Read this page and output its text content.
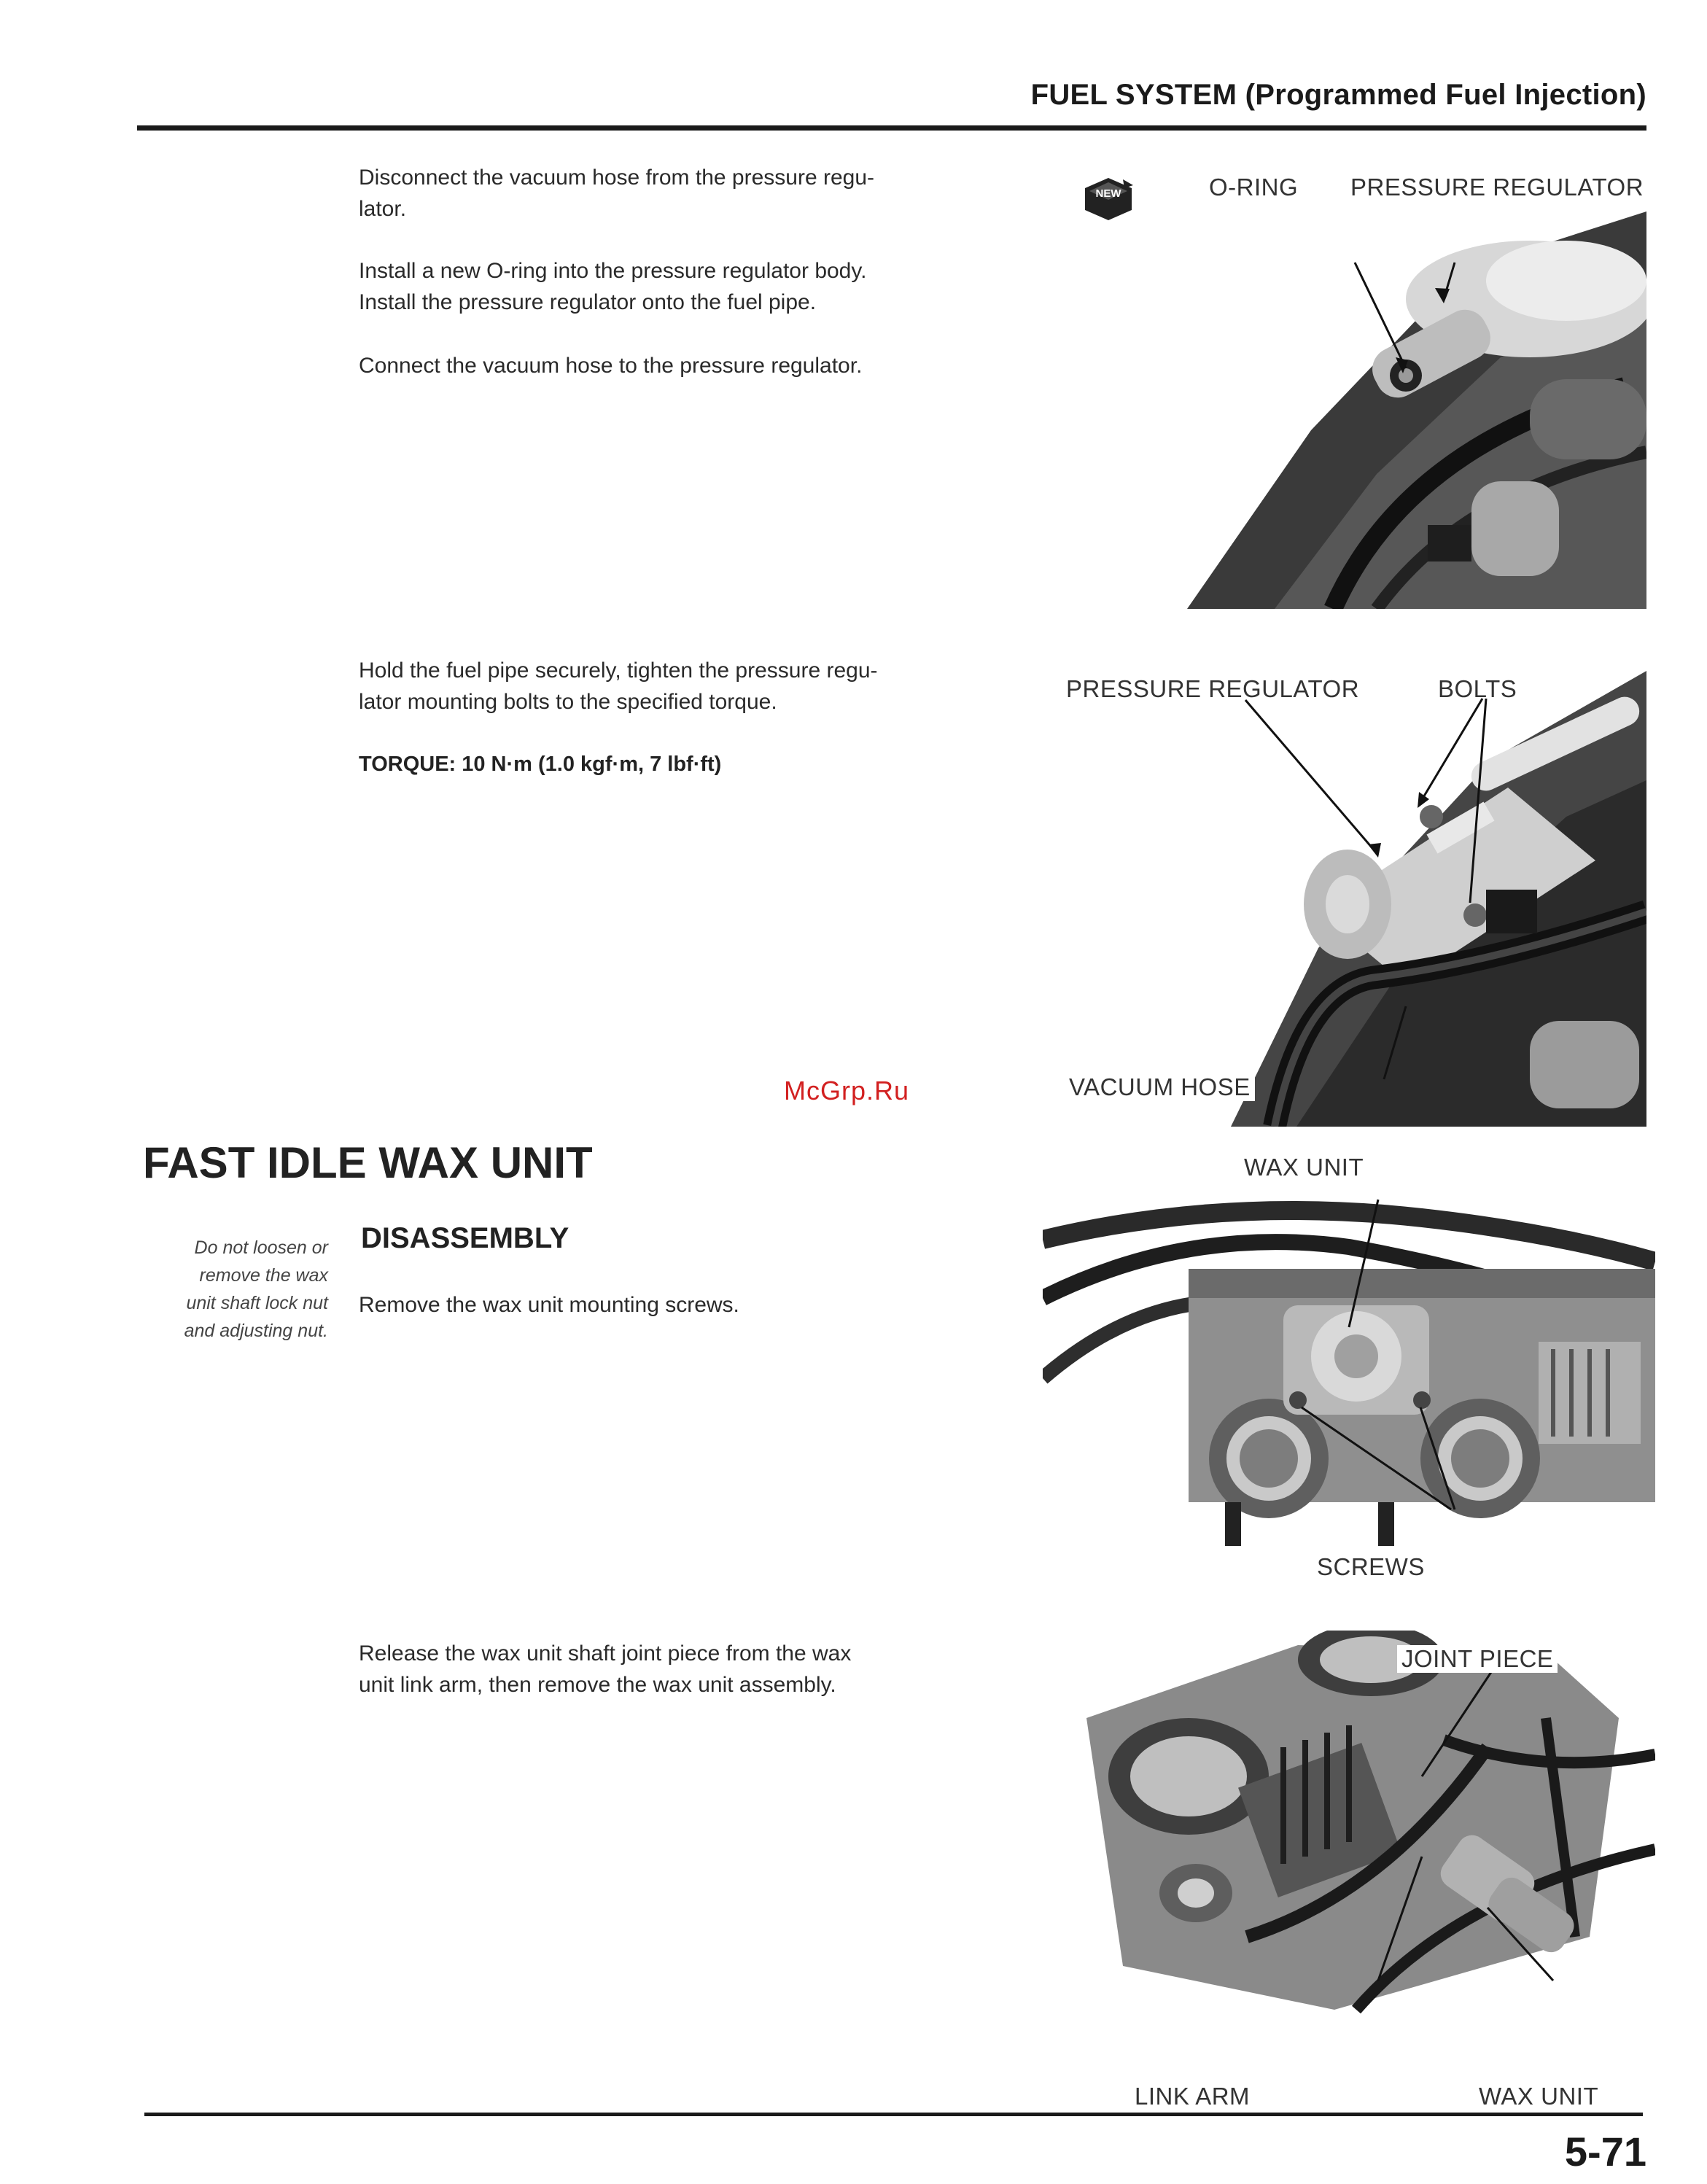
FUEL SYSTEM (Programmed Fuel Injection)
Disconnect the vacuum hose from the pressure regu-
lator.
Install a new O-ring into the pressure regulator body.
Install the pressure regulator onto the fuel pipe.
Connect the vacuum hose to the pressure regulator.
Hold the fuel pipe securely, tighten the pressure regu-
lator mounting bolts to the specified torque.
TORQUE: 10 N·m (1.0 kgf·m, 7 lbf·ft)
McGrp.Ru
FAST IDLE WAX UNIT
DISASSEMBLY
Do not loosen or
remove the wax
unit shaft lock nut
and adjusting nut.
Remove the wax unit mounting screws.
Release the wax unit shaft joint piece from the wax
unit link arm, then remove the wax unit assembly.
NEW	O-RING PRESSURE REGULATOR
PRESSURE REGULATOR	BOLTS
VACUUM HOSE
WAX UNIT
SCREWS
JOINT PIECE
LINK ARM	WAX UNIT
5-71
